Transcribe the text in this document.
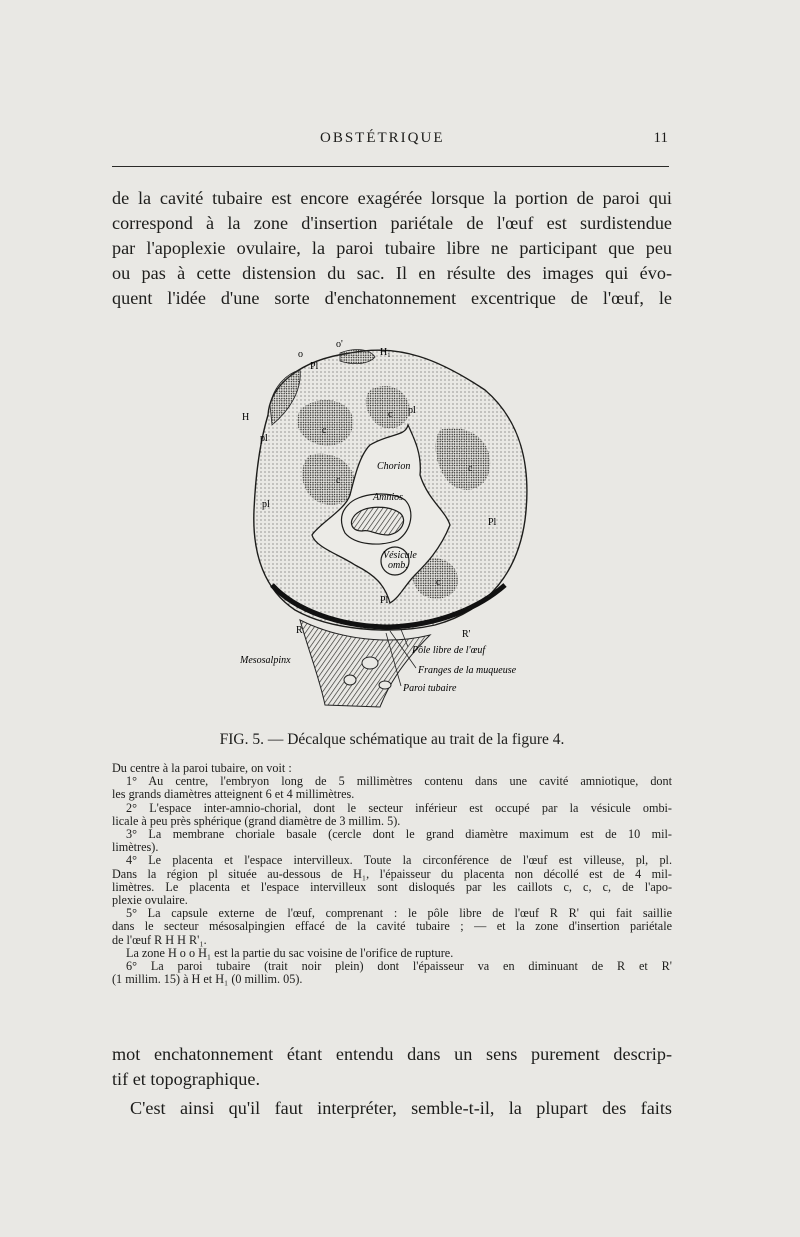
OBSTÉTRIQUE	11
de la cavité tubaire est encore exagérée lorsque la portion de paroi qui
correspond à la zone d'insertion pariétale de l'œuf est surdistendue
par l'apoplexie ovulaire, la paroi tubaire libre ne participant que peu
ou pas à cette distension du sac. Il en résulte des images qui évo-
quent l'idée d'une sorte d'enchatonnement excentrique de l'œuf, le
o
o'
H₁
H
Pl
pl
pl
pl
Pl
Pl
c
c
c
c
c
Chorion
Amnios
Vésicule
omb.
R	R'
Mesosalpinx
Pôle libre de l'œuf
Franges de la muqueuse
Paroi tubaire
FIG. 5. — Décalque schématique au trait de la figure 4.
Du centre à la paroi tubaire, on voit :
1° Au centre, l'embryon long de 5 millimètres contenu dans une cavité amniotique, dont
les grands diamètres atteignent 6 et 4 millimètres.
2° L'espace inter-amnio-chorial, dont le secteur inférieur est occupé par la vésicule ombi-
licale à peu près sphérique (grand diamètre de 3 millim. 5).
3° La membrane choriale basale (cercle dont le grand diamètre maximum est de 10 mil-
limètres).
4° Le placenta et l'espace intervilleux. Toute la circonférence de l'œuf est villeuse, pl, pl.
Dans la région pl située au-dessous de H₁, l'épaisseur du placenta non décollé est de 4 mil-
limètres. Le placenta et l'espace intervilleux sont disloqués par les caillots c, c, c, de l'apo-
plexie ovulaire.
5° La capsule externe de l'œuf, comprenant : le pôle libre de l'œuf R R' qui fait saillie
dans le secteur mésosalpingien effacé de la cavité tubaire ; — et la zone d'insertion pariétale
de l'œuf R H H R'₁.
La zone H o o H₁ est la partie du sac voisine de l'orifice de rupture.
6° La paroi tubaire (trait noir plein) dont l'épaisseur va en diminuant de R et R'
(1 millim. 15) à H et H₁ (0 millim. 05).
mot enchatonnement étant entendu dans un sens purement descrip-
tif et topographique.
C'est ainsi qu'il faut interpréter, semble-t-il, la plupart des faits
